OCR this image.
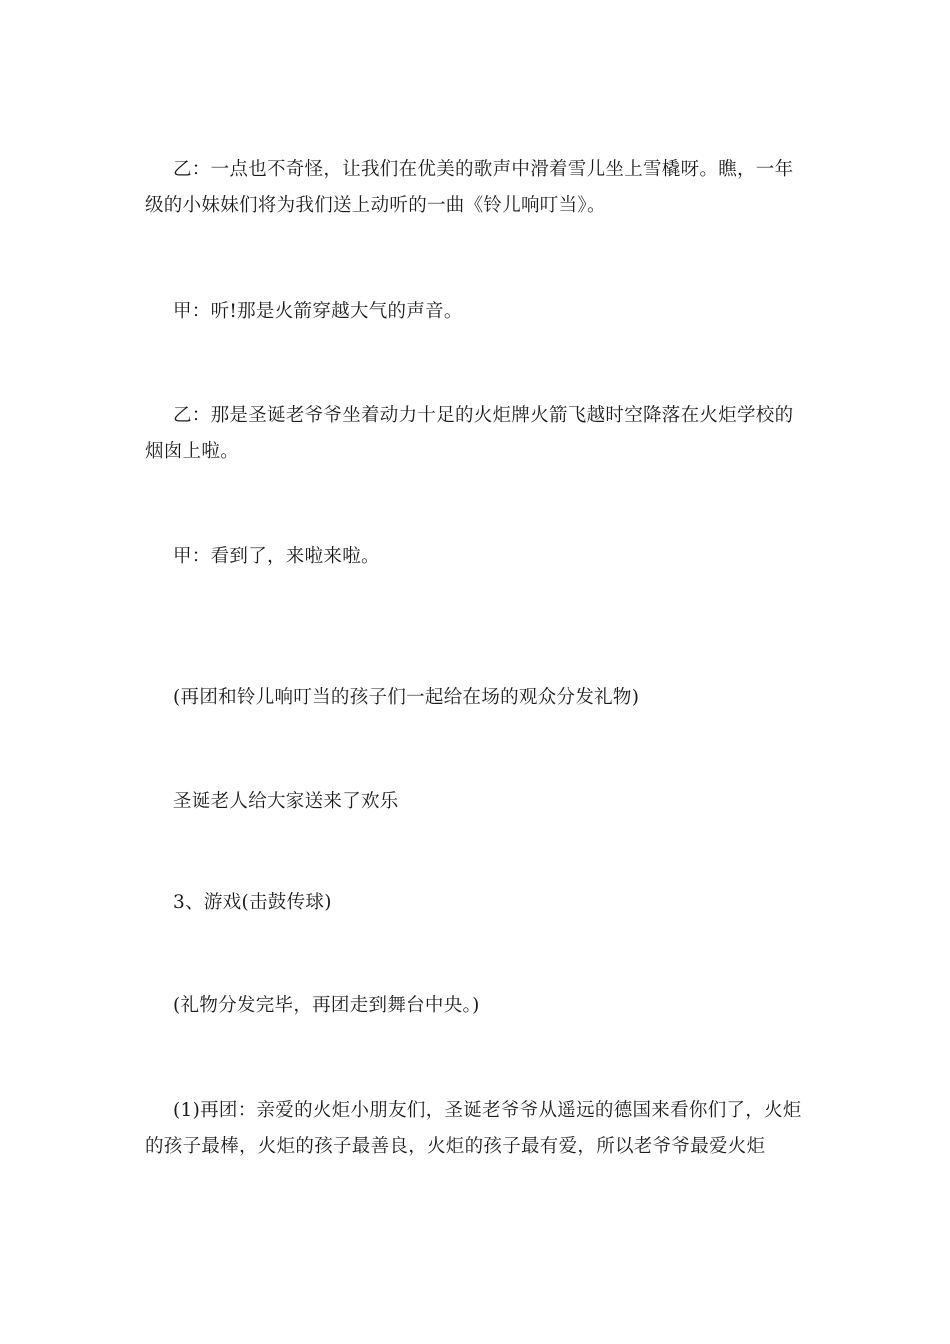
乙：一点也不奇怪，让我们在优美的歌声中滑着雪儿坐上雪橇呀。瞧，一年级的小妹妹们将为我们送上动听的一曲《铃儿响叮当》。

甲：听!那是火箭穿越大气的声音。

乙：那是圣诞老爷爷坐着动力十足的火炬牌火箭飞越时空降落在火炬学校的烟囱上啦。

甲：看到了，来啦来啦。

(再团和铃儿响叮当的孩子们一起给在场的观众分发礼物)

圣诞老人给大家送来了欢乐

3、游戏(击鼓传球)

(礼物分发完毕，再团走到舞台中央。)

(1)再团：亲爱的火炬小朋友们，圣诞老爷爷从遥远的德国来看你们了，火炬的孩子最棒，火炬的孩子最善良，火炬的孩子最有爱，所以老爷爷最爱火炬
